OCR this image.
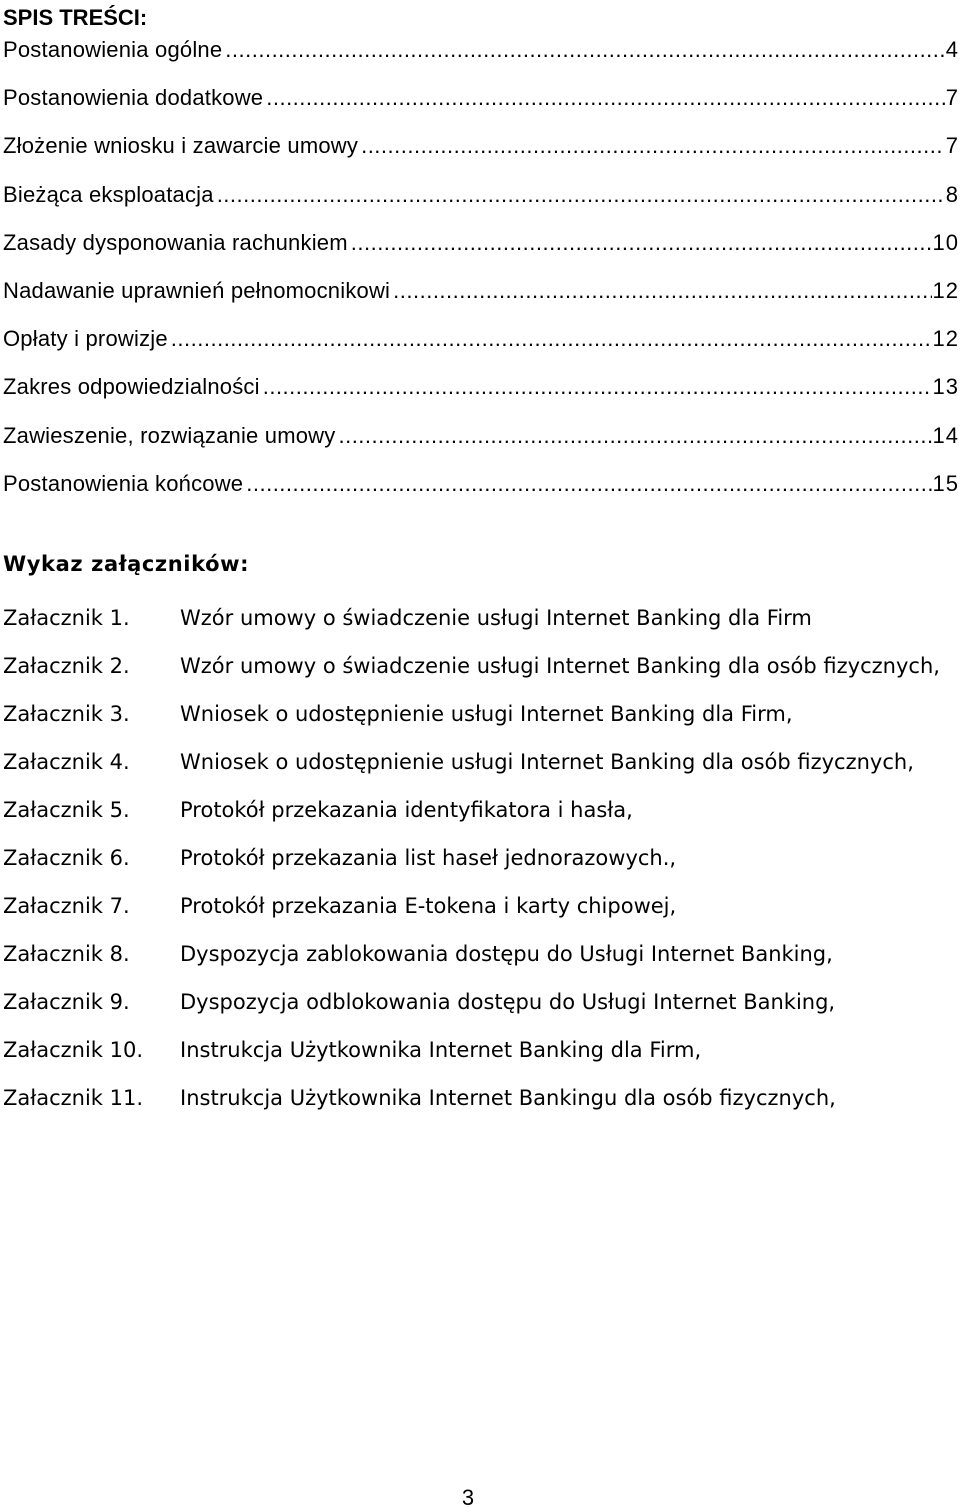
SPIS TREŚCI:
Postanowienia ogólne .....	4
Postanowienia dodatkowe .....	7
Złożenie wniosku i zawarcie umowy .....	7
Bieżąca eksploatacja .....	8
Zasady dysponowania rachunkiem .....	10
Nadawanie uprawnień pełnomocnikowi .....	12
Opłaty i prowizje .....	12
Zakres odpowiedzialności .....	13
Zawieszenie, rozwiązanie umowy .....	14
Postanowienia końcowe .....	15
Wykaz załączników:
Załacznik 1.	Wzór umowy o świadczenie usługi Internet Banking dla Firm
Załacznik 2.	Wzór umowy o świadczenie usługi Internet Banking dla osób fizycznych,
Załacznik 3.	Wniosek o udostępnienie usługi Internet Banking dla Firm,
Załacznik 4.	Wniosek o udostępnienie usługi Internet Banking dla osób fizycznych,
Załacznik 5.	Protokół przekazania identyfikatora i hasła,
Załacznik 6.	Protokół przekazania list haseł jednorazowych.,
Załacznik 7.	Protokół przekazania E-tokena i karty chipowej,
Załacznik 8.	Dyspozycja zablokowania dostępu do Usługi Internet Banking,
Załacznik 9.	Dyspozycja odblokowania dostępu do Usługi Internet Banking,
Załacznik 10.	Instrukcja Użytkownika Internet Banking dla Firm,
Załacznik 11.	Instrukcja Użytkownika Internet Bankingu dla osób fizycznych,

3
